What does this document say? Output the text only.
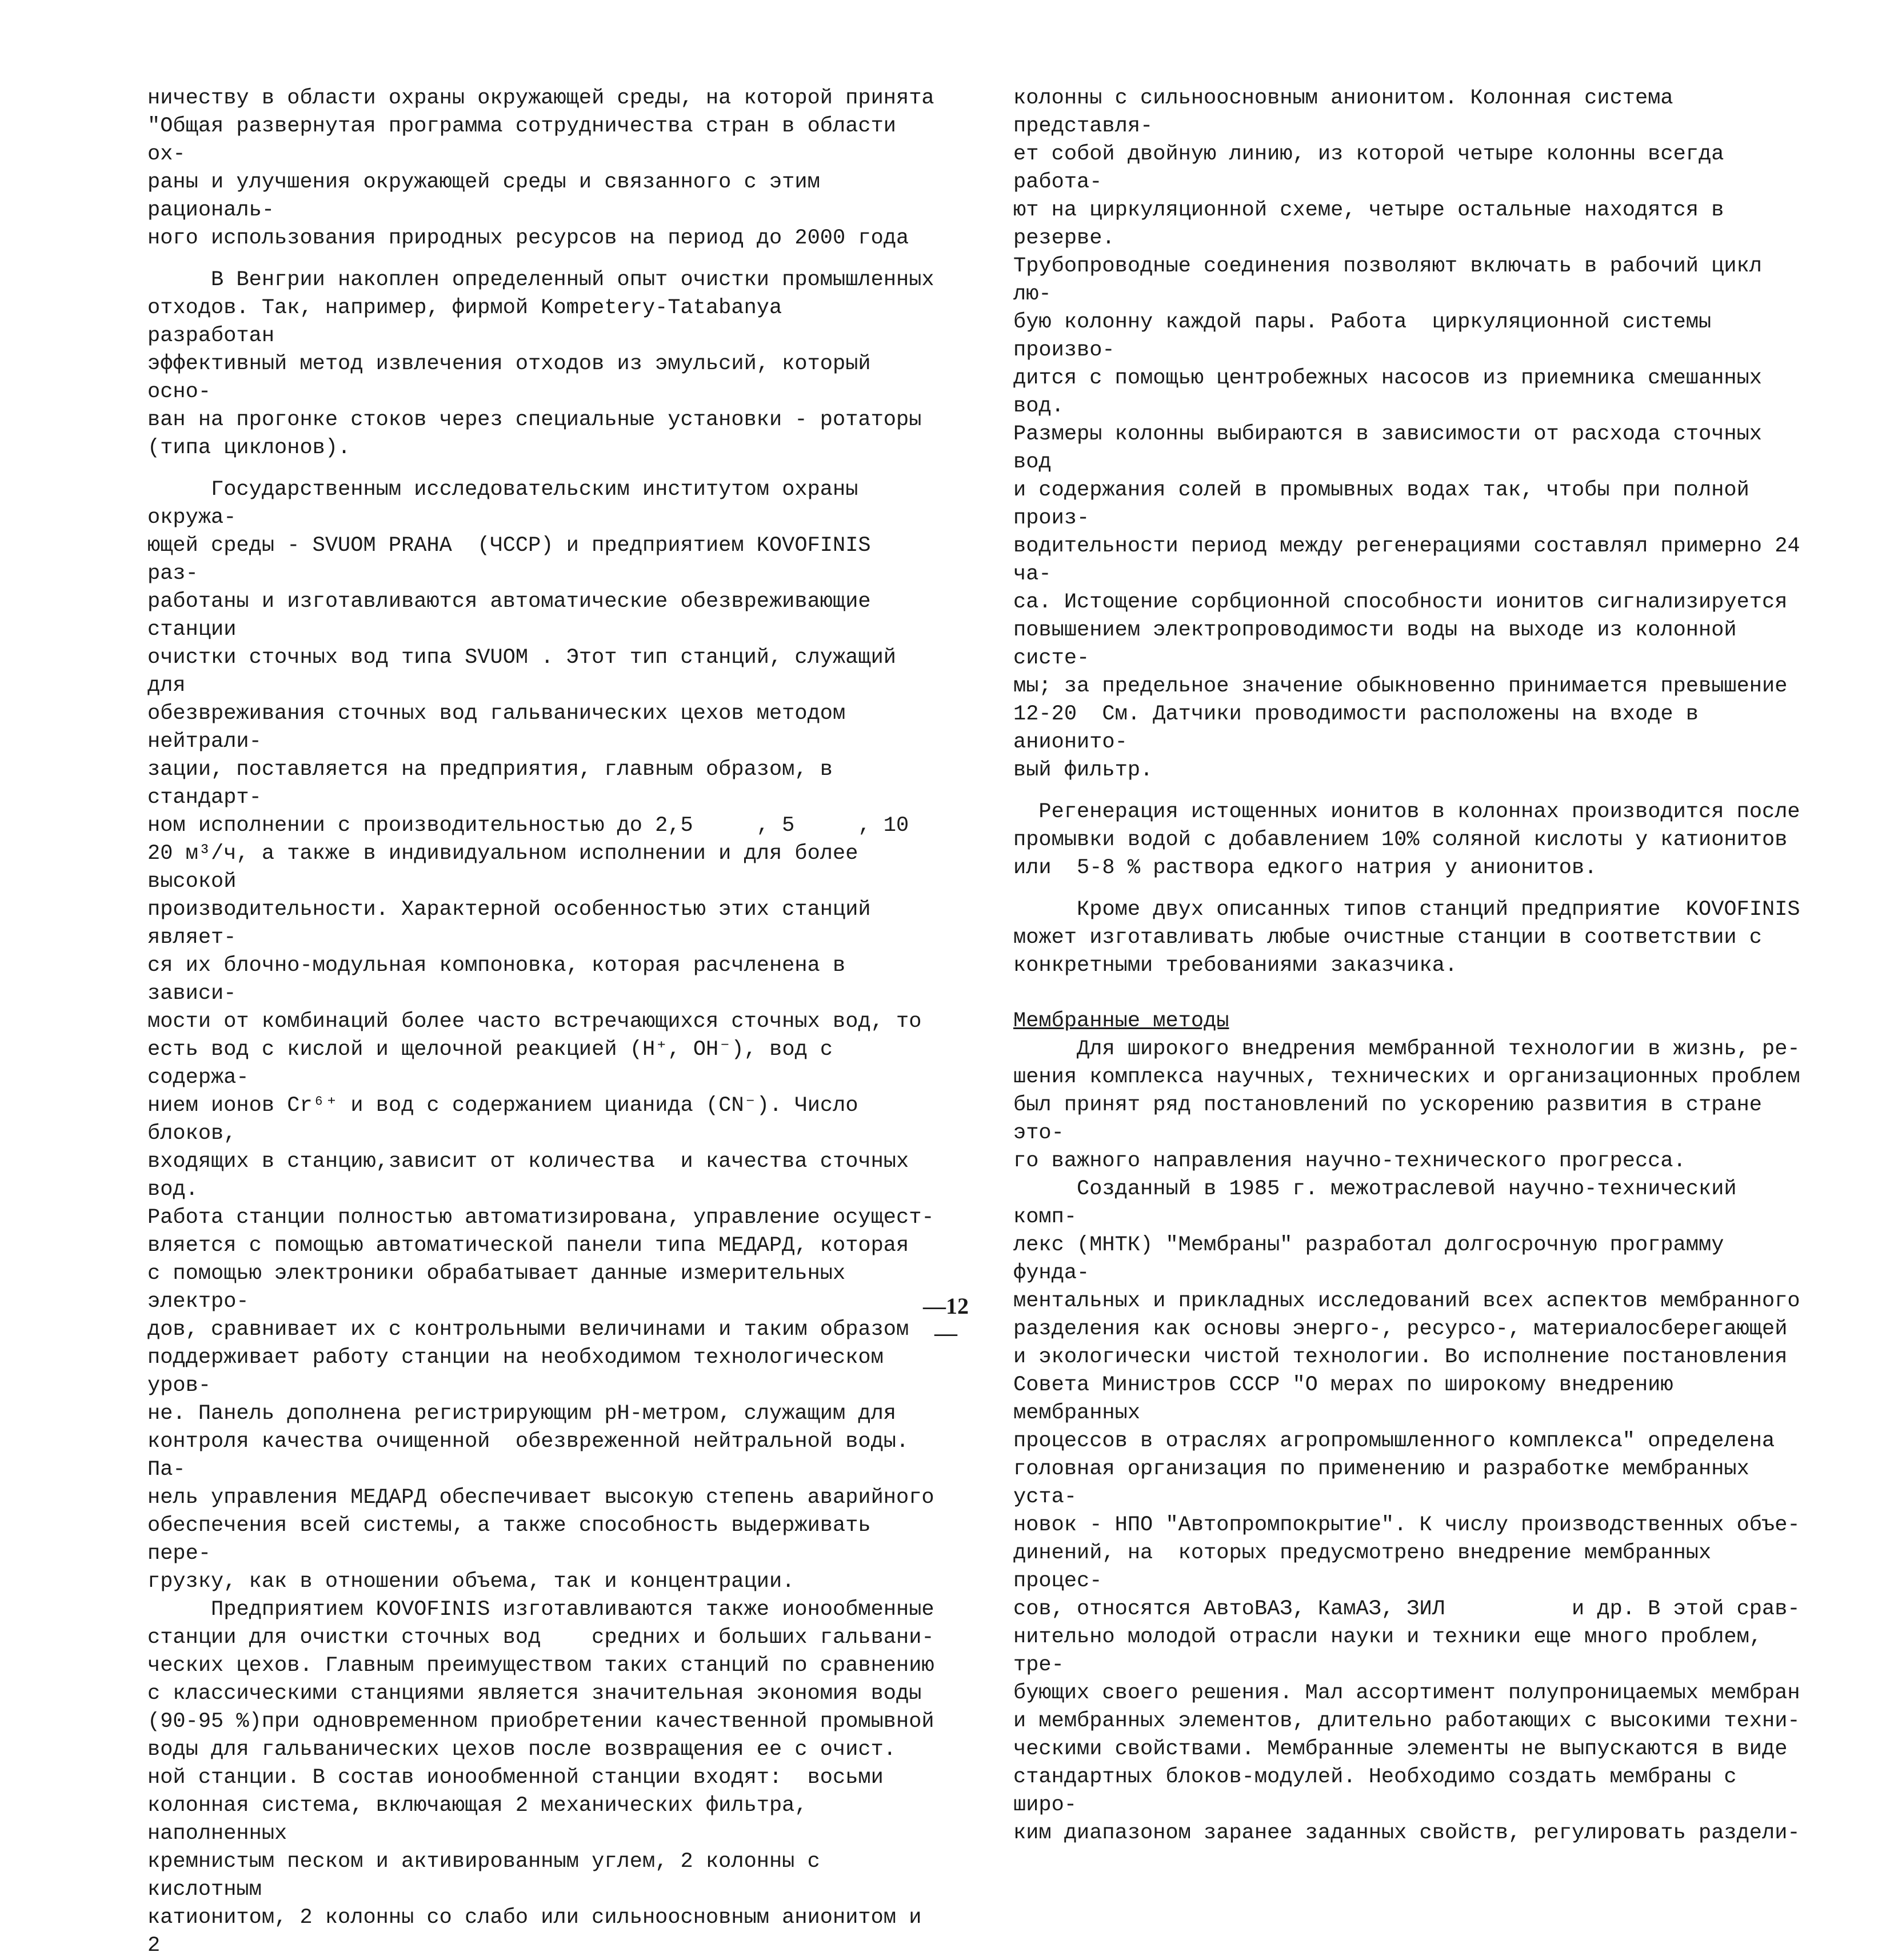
ничеству в области охраны окружающей среды, на которой принята
"Общая развернутая программа сотрудничества стран в области ох-
раны и улучшения окружающей среды и связанного с этим рациональ-
ного использования природных ресурсов на период до 2000 года

В Венгрии накоплен определенный опыт очистки промышленных
отходов. Так, например, фирмой Kompetery-Tatabanya   разработан
эффективный метод извлечения отходов из эмульсий, который осно-
ван на прогонке стоков через специальные установки - ротаторы
(типа циклонов).

Государственным исследовательским институтом охраны окружа-
ющей среды - SVUOM PRAHA  (ЧССР) и предприятием KOVOFINIS  раз-
работаны и изготавливаются автоматические обезвреживающие станции
очистки сточных вод типа SVUOM . Этот тип станций, служащий для
обезвреживания сточных вод гальванических цехов методом нейтрали-
зации, поставляется на предприятия, главным образом, в стандарт-
ном исполнении с производительностью до 2,5     , 5     , 10
20 м³/ч, а также в индивидуальном исполнении и для более высокой
производительности. Характерной особенностью этих станций являет-
ся их блочно-модульная компоновка, которая расчленена в зависи-
мости от комбинаций более часто встречающихся сточных вод, то
есть вод с кислой и щелочной реакцией (H⁺, OH⁻), вод с содержа-
нием ионов Cr⁶⁺ и вод с содержанием цианида (CN⁻). Число блоков,
входящих в станцию,зависит от количества  и качества сточных вод.
Работа станции полностью автоматизирована, управление осущест-
вляется с помощью автоматической панели типа МЕДАРД, которая
с помощью электроники обрабатывает данные измерительных электро-
дов, сравнивает их с контрольными величинами и таким образом
поддерживает работу станции на необходимом технологическом уров-
не. Панель дополнена регистрирующим pH-метром, служащим для
контроля качества очищенной  обезвреженной нейтральной воды. Па-
нель управления МЕДАРД обеспечивает высокую степень аварийного
обеспечения всей системы, а также способность выдерживать пере-
грузку, как в отношении объема, так и концентрации.

Предприятием KOVOFINIS изготавливаются также ионообменные
станции для очистки сточных вод    средних и больших гальвани-
ческих цехов. Главным преимуществом таких станций по сравнению
с классическими станциями является значительная экономия воды
(90-95 %)при одновременном приобретении качественной промывной
воды для гальванических цехов после возвращения ее с очист.
ной станции. В состав ионообменной станции входят:  восьми
колонная система, включающая 2 механических фильтра, наполненных
кремнистым песком и активированным углем, 2 колонны с кислотным
катионитом, 2 колонны со слабо или сильноосновным анионитом и 2

колонны с сильноосновным анионитом. Колонная система представля-
ет собой двойную линию, из которой четыре колонны всегда работа-
ют на циркуляционной схеме, четыре остальные находятся в резерве.
Трубопроводные соединения позволяют включать в рабочий цикл лю-
бую колонну каждой пары. Работа  циркуляционной системы произво-
дится с помощью центробежных насосов из приемника смешанных вод.
Размеры колонны выбираются в зависимости от расхода сточных вод
и содержания солей в промывных водах так, чтобы при полной произ-
водительности период между регенерациями составлял примерно 24 ча-
са. Истощение сорбционной способности ионитов сигнализируется
повышением электропроводимости воды на выходе из колонной систе-
мы; за предельное значение обыкновенно принимается превышение
12-20  См. Датчики проводимости расположены на входе в анионито-
вый фильтр.

Регенерация истощенных ионитов в колоннах производится после
промывки водой с добавлением 10% соляной кислоты у катионитов
или  5-8 % раствора едкого натрия у анионитов.

Кроме двух описанных типов станций предприятие  KOVOFINIS
может изготавливать любые очистные станции в соответствии с
конкретными требованиями заказчика.

Мембранные методы

Для широкого внедрения мембранной технологии в жизнь, ре-
шения комплекса научных, технических и организационных проблем
был принят ряд постановлений по ускорению развития в стране это-
го важного направления научно-технического прогресса.

Созданный в 1985 г. межотраслевой научно-технический комп-
лекс (МНТК) "Мембраны" разработал долгосрочную программу фунда-
ментальных и прикладных исследований всех аспектов мембранного
разделения как основы энерго-, ресурсо-, материалосберегающей
и экологически чистой технологии. Во исполнение постановления
Совета Министров СССР "О мерах по широкому внедрению мембранных
процессов в отраслях агропромышленного комплекса" определена
головная организация по применению и разработке мембранных уста-
новок - НПО "Автопромпокрытие". К числу производственных объе-
динений, на  которых предусмотрено внедрение мембранных процес-
сов, относятся АвтоВАЗ, КамАЗ, ЗИЛ          и др. В этой срав-
нительно молодой отрасли науки и техники еще много проблем, тре-
бующих своего решения. Мал ассортимент полупроницаемых мембран
и мембранных элементов, длительно работающих с высокими техни-
ческими свойствами. Мембранные элементы не выпускаются в виде
стандартных блоков-модулей. Необходимо создать мембраны с широ-
ким диапазоном заранее заданных свойств, регулировать раздели-

—12—
